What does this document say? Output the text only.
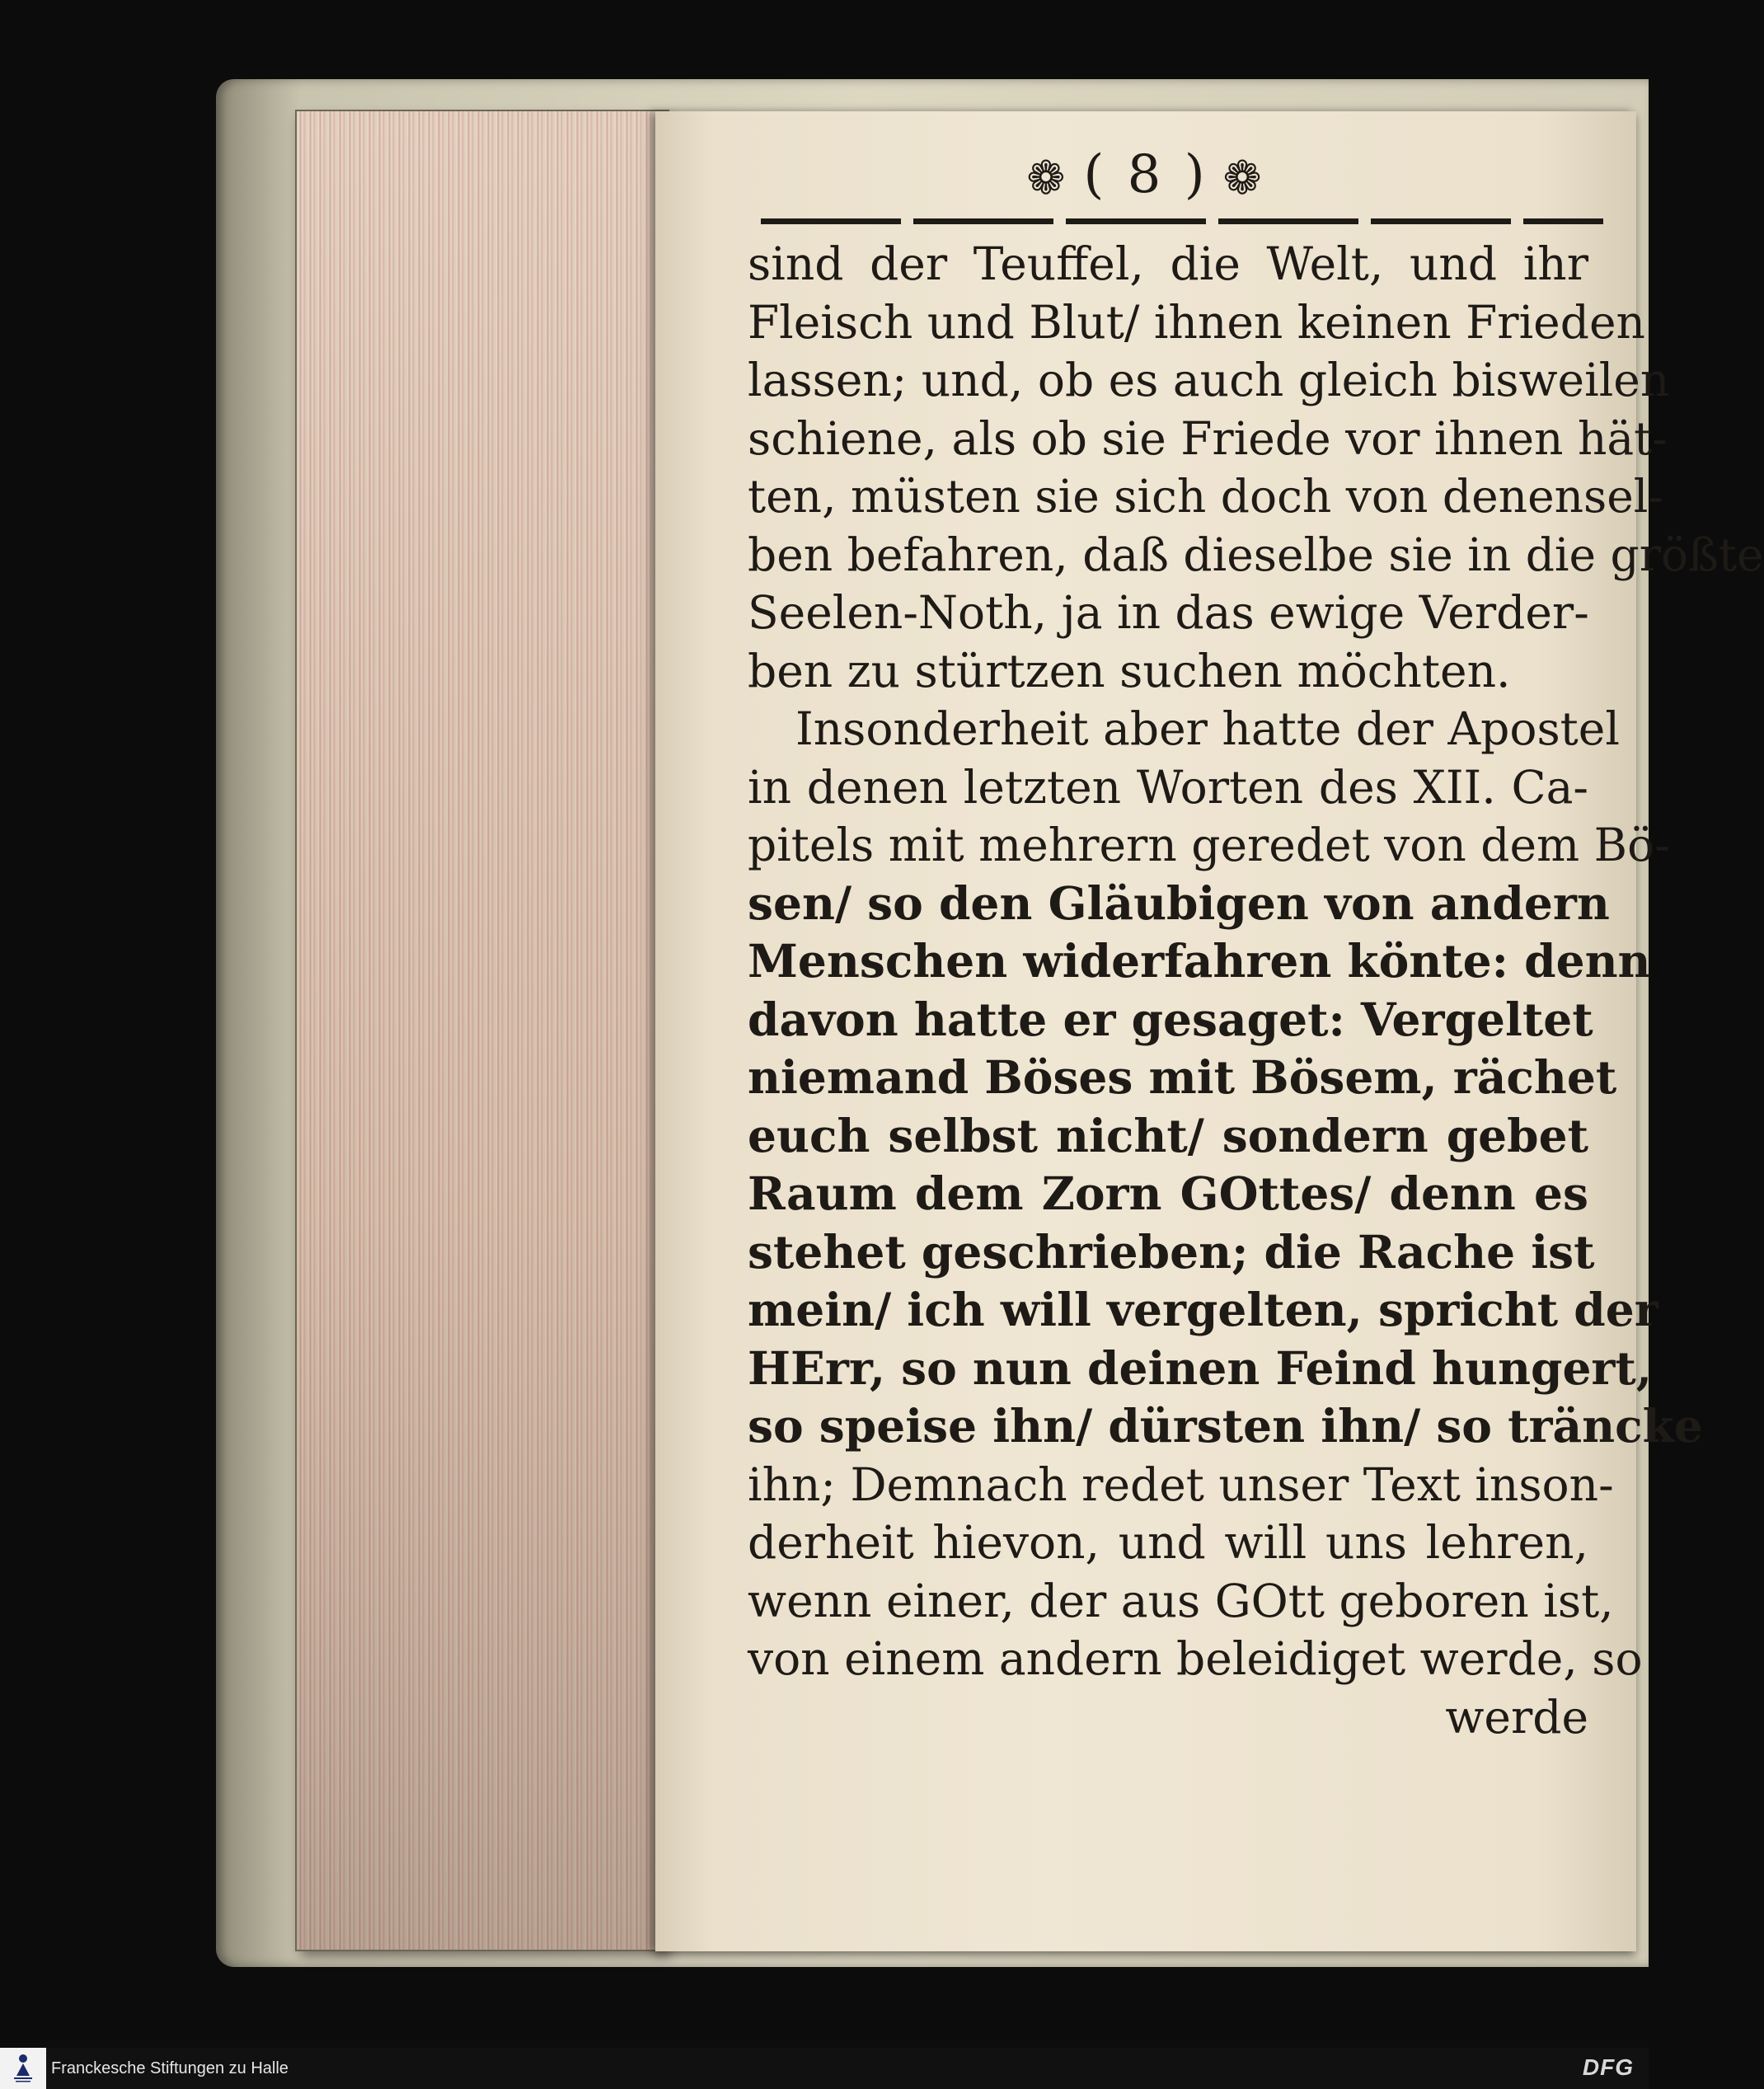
❁ ( 8 ) ❁
sind der Teuffel, die Welt, und ihr
Fleisch und Blut/ ihnen keinen Frieden
lassen; und, ob es auch gleich bisweilen
schiene, als ob sie Friede vor ihnen hät-
ten, müsten sie sich doch von denensel-
ben befahren, daß dieselbe sie in die größte
Seelen-Noth, ja in das ewige Verder-
ben zu stürtzen suchen möchten.
Insonderheit aber hatte der Apostel
in denen letzten Worten des XII. Ca-
pitels mit mehrern geredet von dem Bö-
sen/ so den Gläubigen von andern
Menschen widerfahren könte: denn
davon hatte er gesaget: Vergeltet
niemand Böses mit Bösem, rächet
euch selbst nicht/ sondern gebet
Raum dem Zorn GOttes/ denn es
stehet geschrieben; die Rache ist
mein/ ich will vergelten, spricht der
HErr, so nun deinen Feind hungert,
so speise ihn/ dürsten ihn/ so träncke
ihn; Demnach redet unser Text inson-
derheit hievon, und will uns lehren,
wenn einer, der aus GOtt geboren ist,
von einem andern beleidiget werde, so
werde
Franckesche Stiftungen zu Halle	DFG
